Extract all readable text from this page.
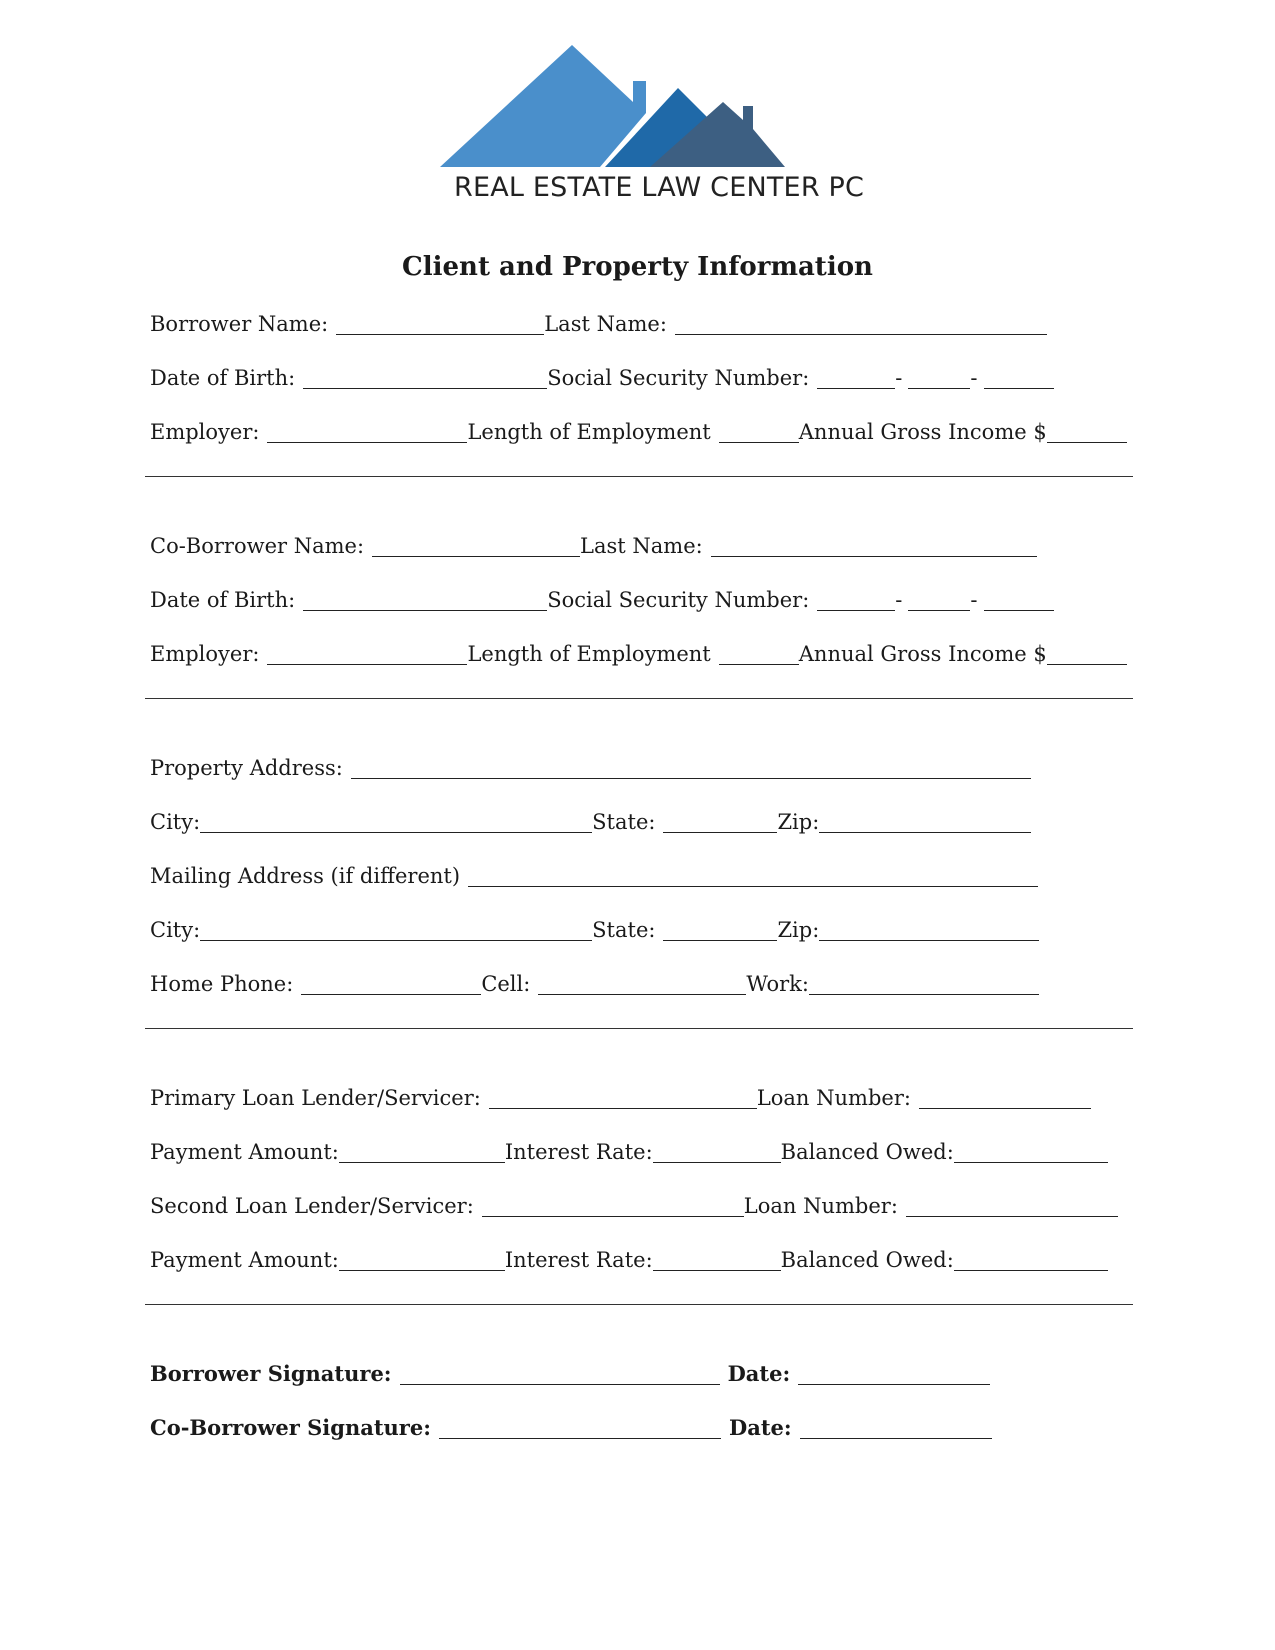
REAL ESTATE LAW CENTER PC
Client and Property Information
Borrower Name:	Last Name:
Date of Birth:	Social Security Number:	-	-
Employer:	Length of Employment	Annual Gross Income $
Co-Borrower Name:	Last Name:
Date of Birth:	Social Security Number:	-	-
Employer:	Length of Employment	Annual Gross Income $
Property Address:
City:	State:	Zip:
Mailing Address (if different)
City:	State:	Zip:
Home Phone:	Cell:	Work:
Primary Loan Lender/Servicer:	Loan Number:
Payment Amount:	Interest Rate:	Balanced Owed:
Second Loan Lender/Servicer:	Loan Number:
Payment Amount:	Interest Rate:	Balanced Owed:
Borrower Signature:	Date:
Co-Borrower Signature:	Date:
